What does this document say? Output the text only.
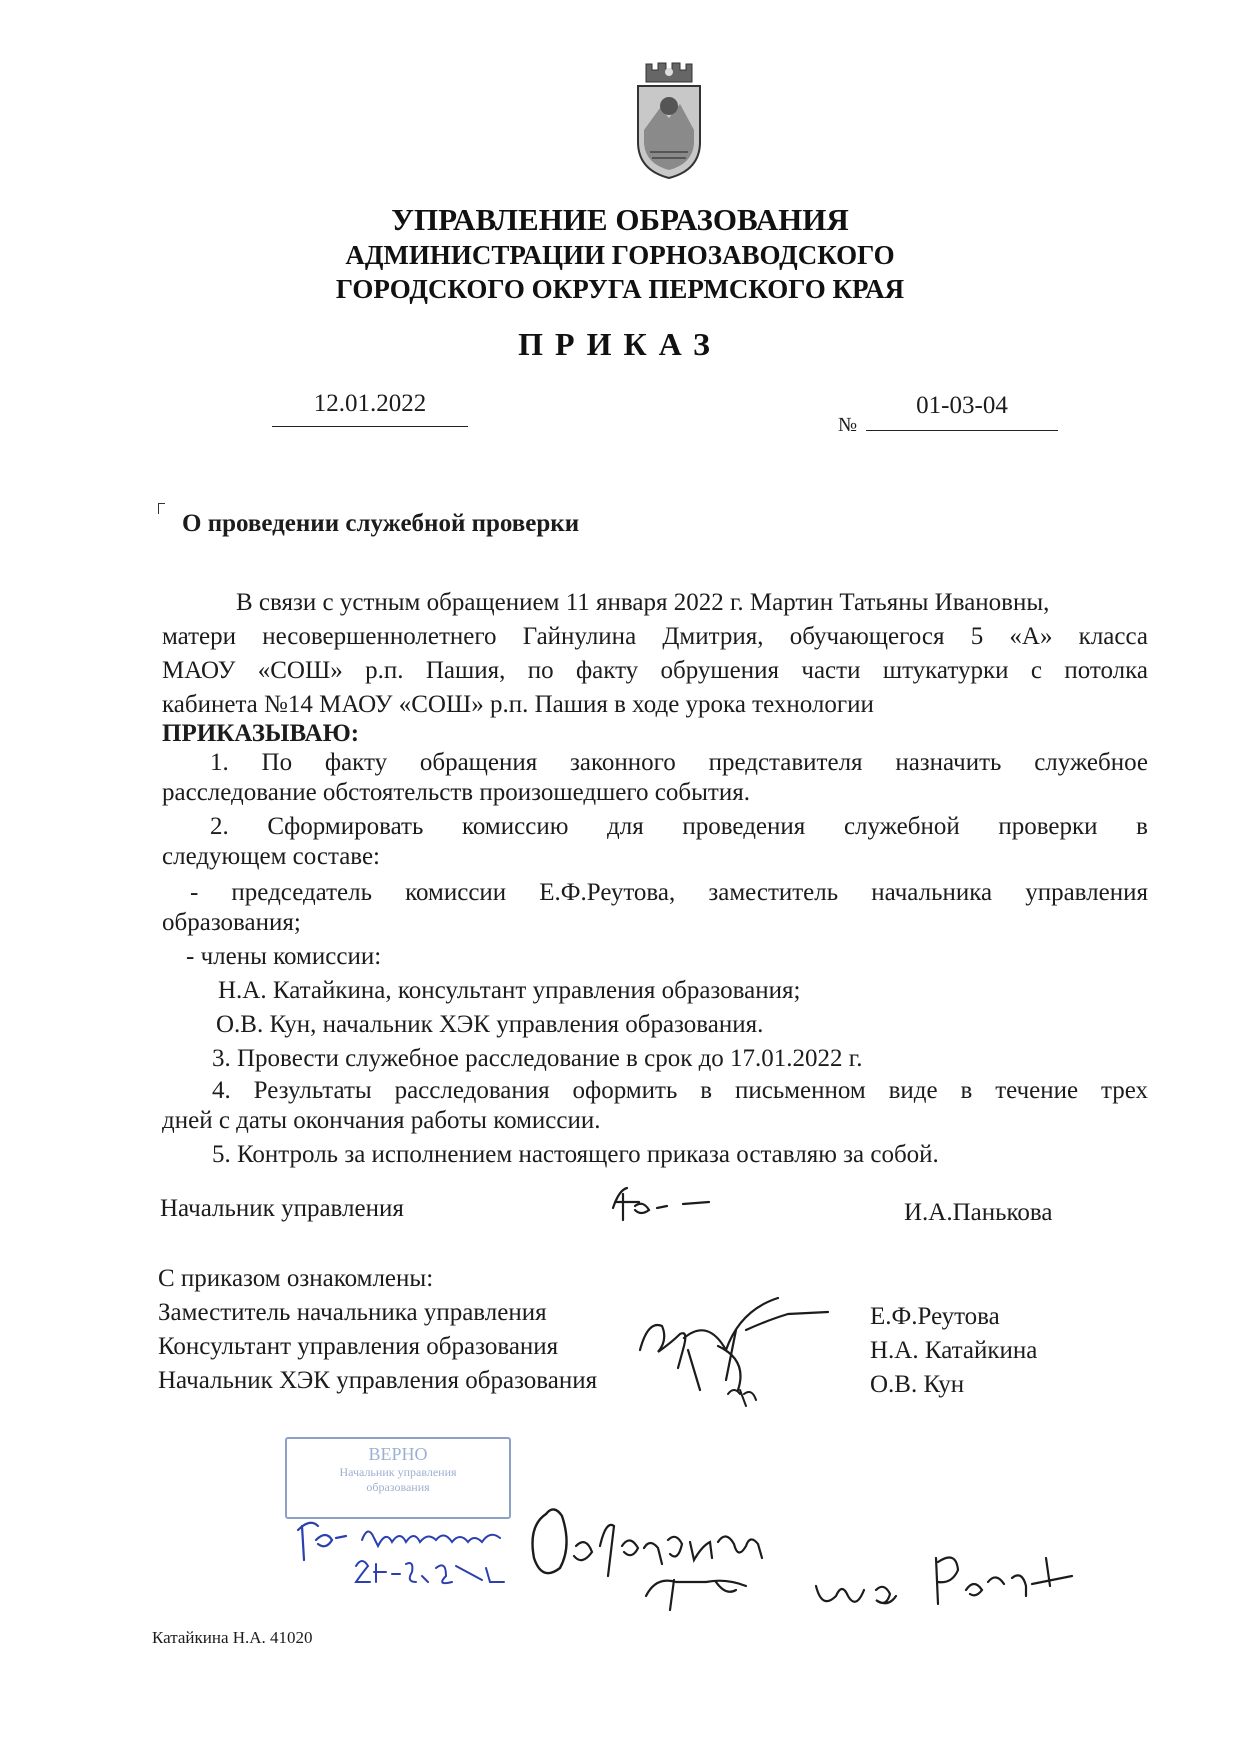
УПРАВЛЕНИЕ ОБРАЗОВАНИЯ
АДМИНИСТРАЦИИ ГОРНОЗАВОДСКОГО
ГОРОДСКОГО ОКРУГА ПЕРМСКОГО КРАЯ
ПРИКАЗ
12.01.2022
№
01-03-04
О проведении служебной проверки
В связи с устным обращением 11 января 2022 г. Мартин Татьяны Ивановны,
матери несовершеннолетнего Гайнулина Дмитрия, обучающегося 5 «А» класса
МАОУ «СОШ» р.п. Пашия, по факту обрушения части штукатурки с потолка
кабинета №14 МАОУ «СОШ» р.п. Пашия в ходе урока технологии
ПРИКАЗЫВАЮ:
1. По факту обращения законного представителя назначить служебное
расследование обстоятельств произошедшего события.
2. Сформировать комиссию для проведения служебной проверки в
следующем составе:
- председатель комиссии Е.Ф.Реутова, заместитель начальника управления
образования;
- члены комиссии:
Н.А. Катайкина, консультант управления образования;
О.В. Кун, начальник ХЭК управления образования.
3. Провести служебное расследование в срок до 17.01.2022 г.
4. Результаты расследования оформить в письменном виде в течение трех
дней с даты окончания работы комиссии.
5. Контроль за исполнением настоящего приказа оставляю за собой.
Начальник управления	И.А.Панькова
С приказом ознакомлены:
Заместитель начальника управления
Консультант управления образования
Начальник ХЭК управления образования
Е.Ф.Реутова
Н.А. Катайкина
О.В. Кун
ВЕРНО
Начальник управления
образования
Катайкина Н.А. 41020
